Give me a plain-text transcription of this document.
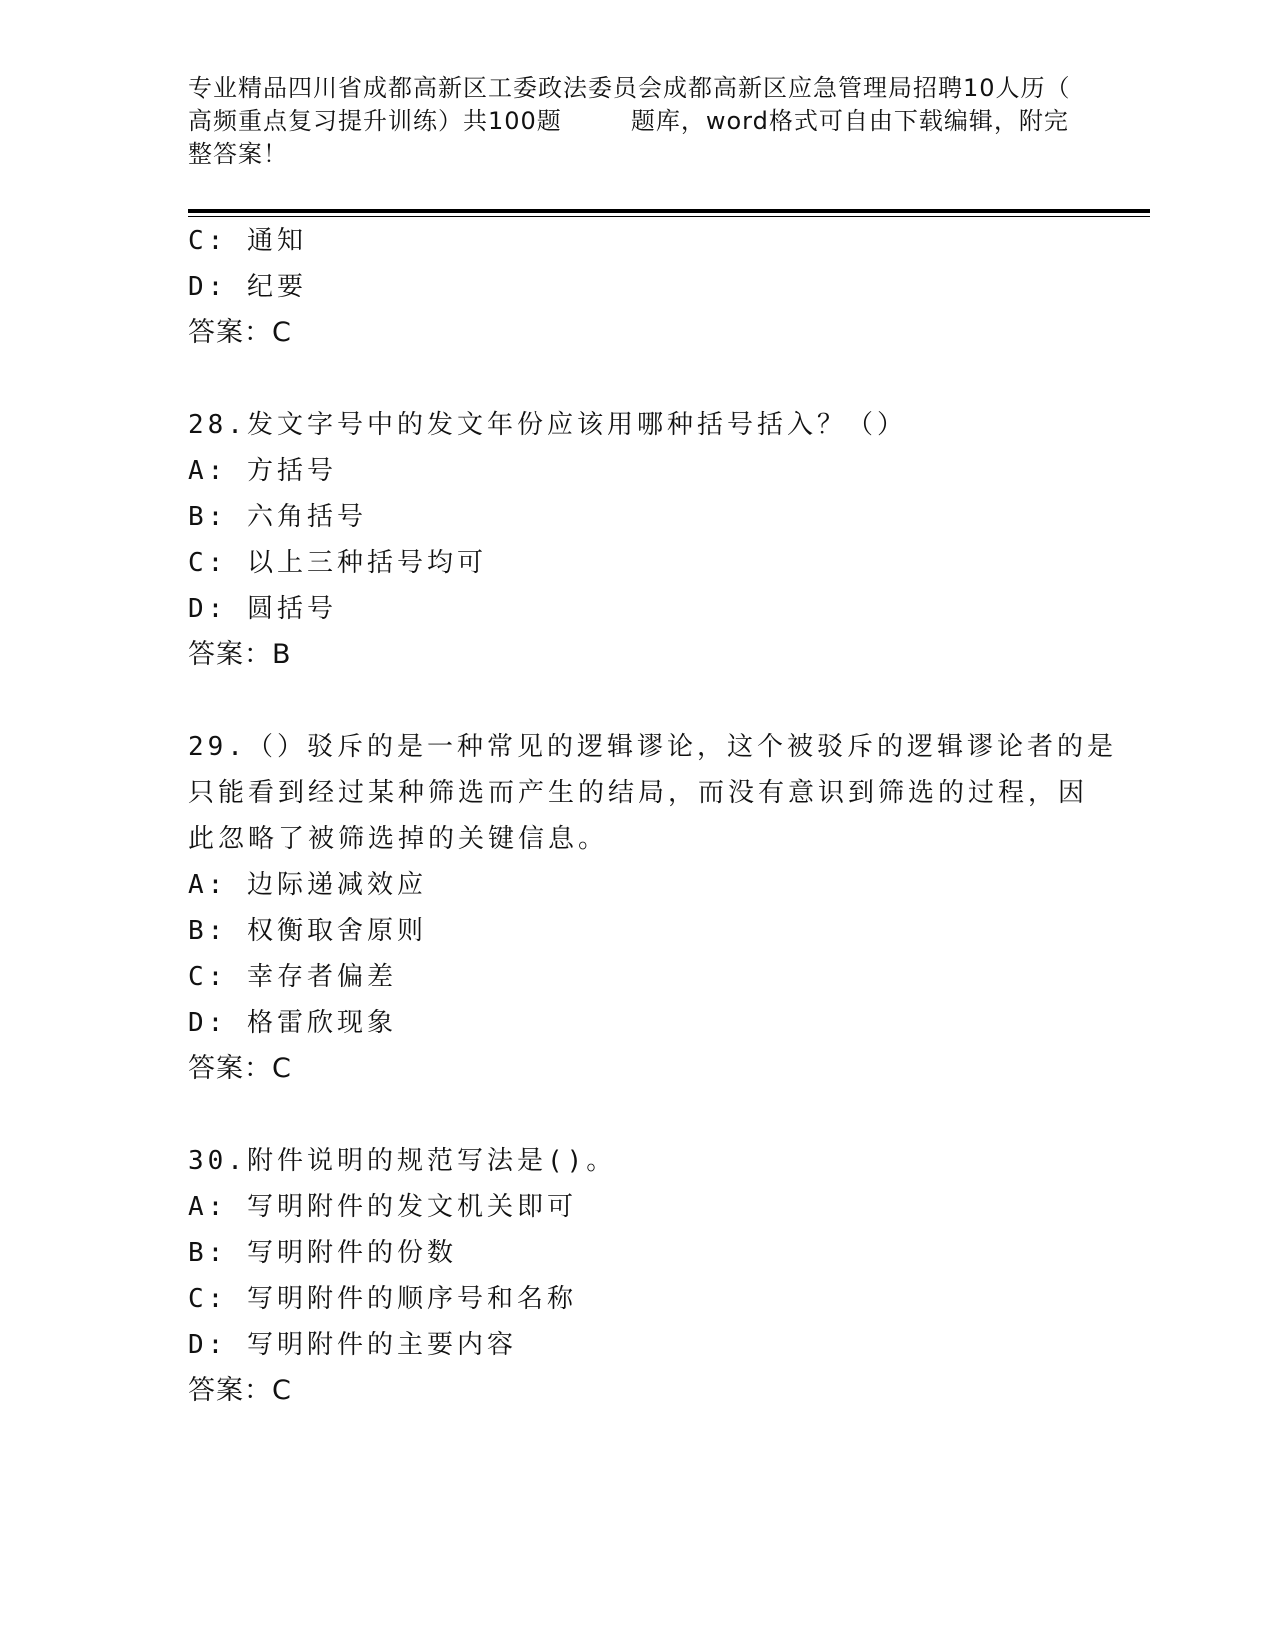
专业精品四川省成都高新区工委政法委员会成都高新区应急管理局招聘10人历（
高频重点复习提升训练）共100题        题库，word格式可自由下载编辑，附完
整答案！
C: 通知
D: 纪要
答案：C
28.发文字号中的发文年份应该用哪种括号括入？（）
A: 方括号
B: 六角括号
C: 以上三种括号均可
D: 圆括号
答案：B
29.（）驳斥的是一种常见的逻辑谬论，这个被驳斥的逻辑谬论者的是
只能看到经过某种筛选而产生的结局，而没有意识到筛选的过程，因
此忽略了被筛选掉的关键信息。
A: 边际递减效应
B: 权衡取舍原则
C: 幸存者偏差
D: 格雷欣现象
答案：C
30.附件说明的规范写法是()。
A: 写明附件的发文机关即可
B: 写明附件的份数
C: 写明附件的顺序号和名称
D: 写明附件的主要内容
答案：C
